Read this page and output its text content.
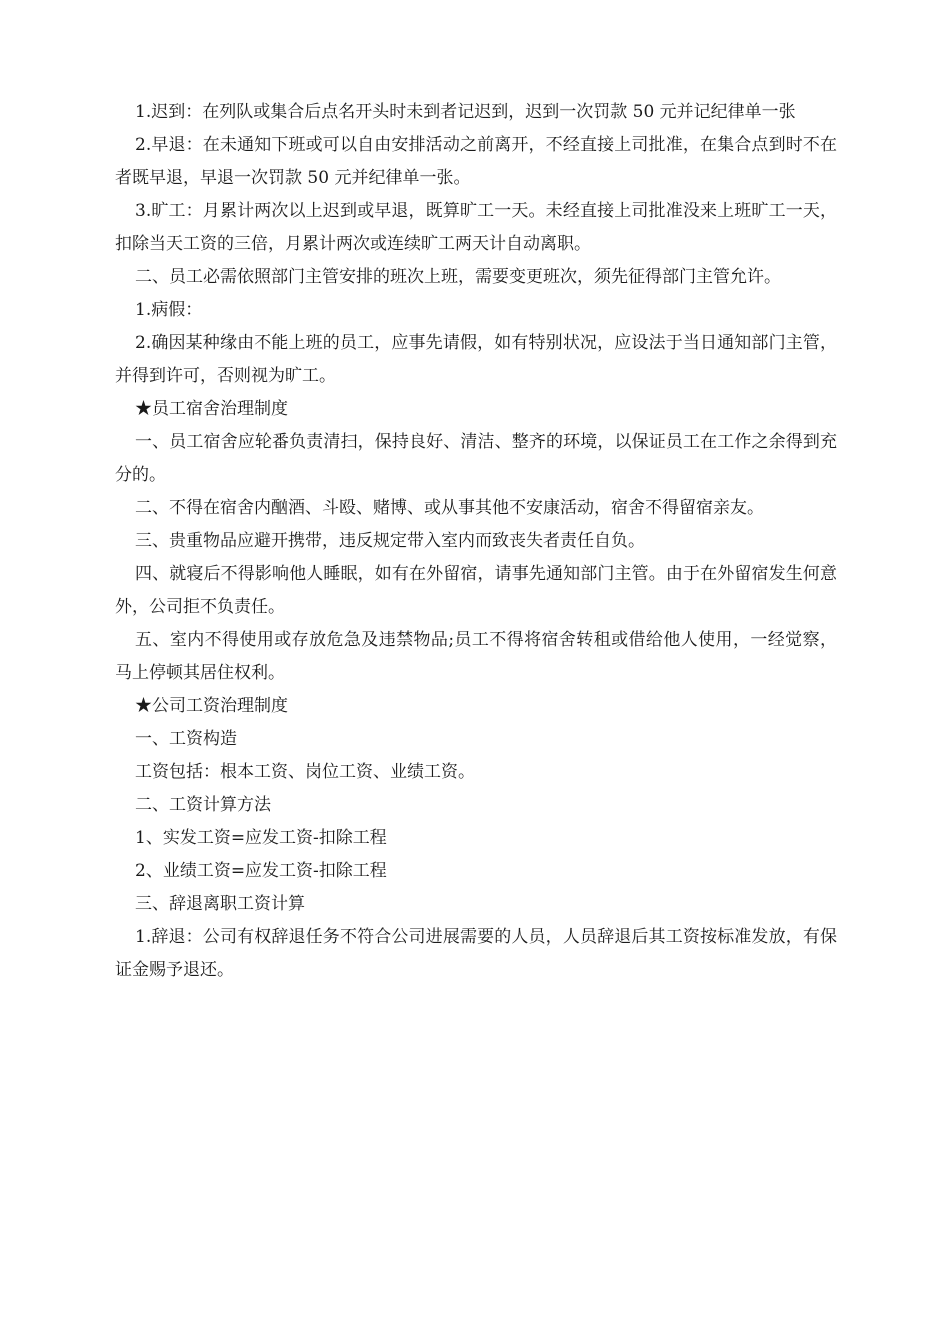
1.迟到：在列队或集合后点名开头时未到者记迟到，迟到一次罚款 50 元并记纪律单一张

2.早退：在未通知下班或可以自由安排活动之前离开，不经直接上司批准，在集合点到时不在者既早退，早退一次罚款 50 元并纪律单一张。

3.旷工：月累计两次以上迟到或早退，既算旷工一天。未经直接上司批准没来上班旷工一天，扣除当天工资的三倍，月累计两次或连续旷工两天计自动离职。

二、员工必需依照部门主管安排的班次上班，需要变更班次，须先征得部门主管允许。

1.病假：

2.确因某种缘由不能上班的员工，应事先请假，如有特别状况，应设法于当日通知部门主管，并得到许可，否则视为旷工。

★员工宿舍治理制度

一、员工宿舍应轮番负责清扫，保持良好、清洁、整齐的环境，以保证员工在工作之余得到充分的。

二、不得在宿舍内酗酒、斗殴、赌博、或从事其他不安康活动，宿舍不得留宿亲友。

三、贵重物品应避开携带，违反规定带入室内而致丧失者责任自负。

四、就寝后不得影响他人睡眠，如有在外留宿，请事先通知部门主管。由于在外留宿发生何意外，公司拒不负责任。

五、室内不得使用或存放危急及违禁物品;员工不得将宿舍转租或借给他人使用，一经觉察，马上停顿其居住权利。

★公司工资治理制度

一、工资构造

工资包括：根本工资、岗位工资、业绩工资。

二、工资计算方法

1、实发工资=应发工资-扣除工程

2、业绩工资=应发工资-扣除工程

三、辞退离职工资计算

1.辞退：公司有权辞退任务不符合公司进展需要的人员，人员辞退后其工资按标准发放，有保证金赐予退还。
